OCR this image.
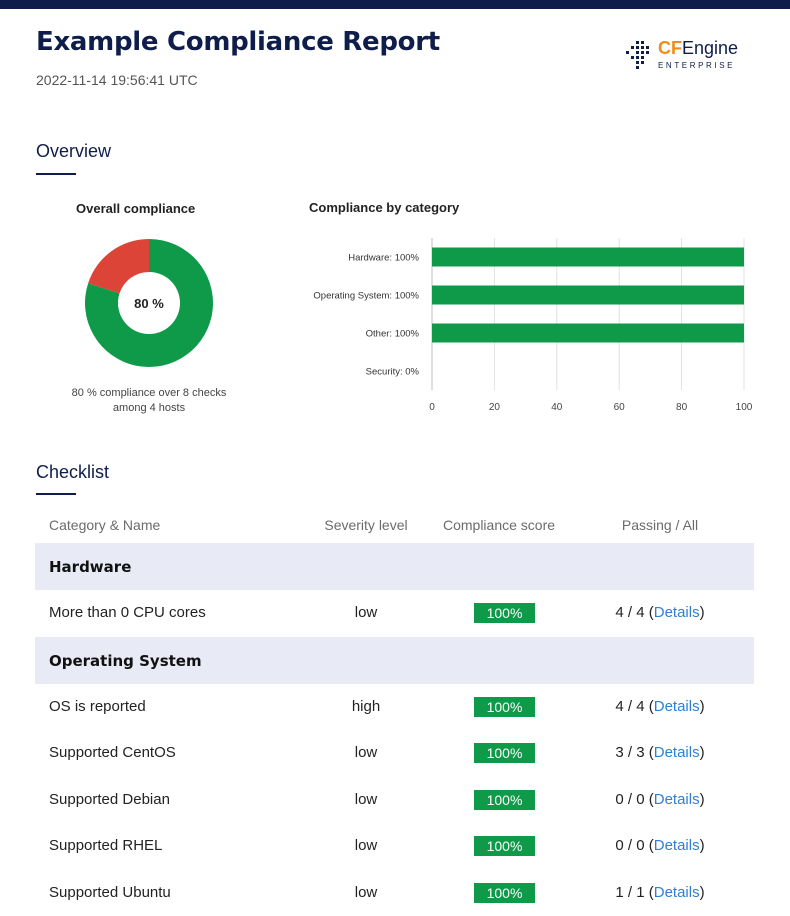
Example Compliance Report
2022-11-14 19:56:41 UTC
CFEngine
ENTERPRISE
Overview
Overall compliance
80 %
80 % compliance over 8 checks among 4 hosts
Compliance by category
0	20	40	60	80	100
Hardware: 100%
Operating System: 100%
Other: 100%
Security: 0%
Checklist
Category & Name	Severity level	Compliance score	Passing / All
Hardware
More than 0 CPU cores	low	100%	4 / 4 (Details)
Operating System
OS is reported	high	100%	4 / 4 (Details)
Supported CentOS	low	100%	3 / 3 (Details)
Supported Debian	low	100%	0 / 0 (Details)
Supported RHEL	low	100%	0 / 0 (Details)
Supported Ubuntu	low	100%	1 / 1 (Details)
